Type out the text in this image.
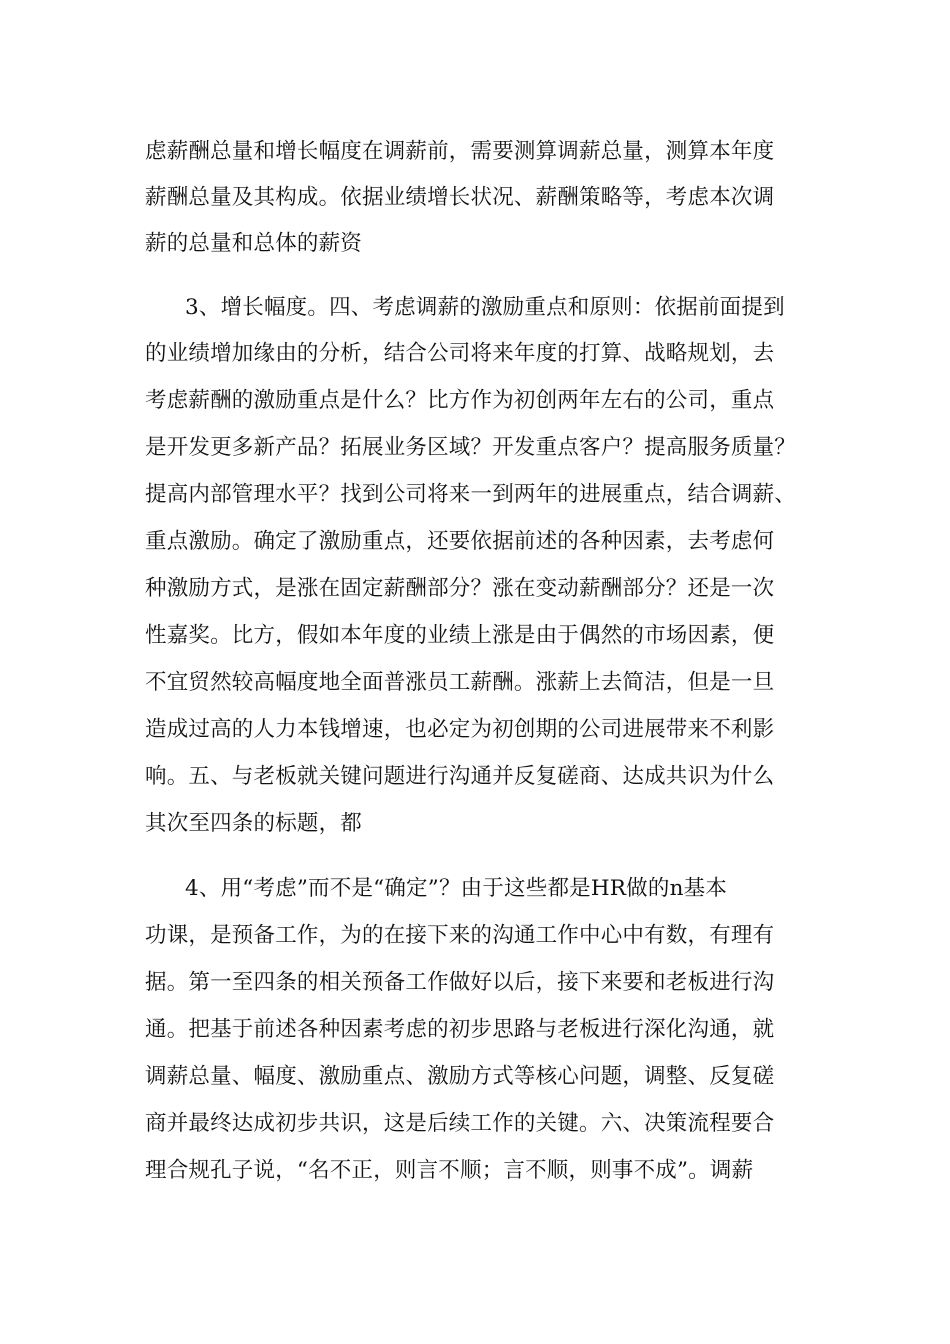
虑薪酬总量和增长幅度在调薪前，需要测算调薪总量，测算本年度
薪酬总量及其构成。依据业绩增长状况、薪酬策略等，考虑本次调
薪的总量和总体的薪资
3、增长幅度。四、考虑调薪的激励重点和原则：依据前面提到
的业绩增加缘由的分析，结合公司将来年度的打算、战略规划，去
考虑薪酬的激励重点是什么？比方作为初创两年左右的公司，重点
是开发更多新产品？拓展业务区域？开发重点客户？提高服务质量？
提高内部管理水平？找到公司将来一到两年的进展重点，结合调薪、
重点激励。确定了激励重点，还要依据前述的各种因素，去考虑何
种激励方式，是涨在固定薪酬部分？涨在变动薪酬部分？还是一次
性嘉奖。比方，假如本年度的业绩上涨是由于偶然的市场因素，便
不宜贸然较高幅度地全面普涨员工薪酬。涨薪上去简洁，但是一旦
造成过高的人力本钱增速，也必定为初创期的公司进展带来不利影
响。五、与老板就关键问题进行沟通并反复磋商、达成共识为什么
其次至四条的标题，都
4、用“考虑”而不是“确定”？由于这些都是HR做的n基本
功课，是预备工作，为的在接下来的沟通工作中心中有数，有理有
据。第一至四条的相关预备工作做好以后，接下来要和老板进行沟
通。把基于前述各种因素考虑的初步思路与老板进行深化沟通，就
调薪总量、幅度、激励重点、激励方式等核心问题，调整、反复磋
商并最终达成初步共识，这是后续工作的关键。六、决策流程要合
理合规孔子说，“名不正，则言不顺；言不顺，则事不成”。调薪
